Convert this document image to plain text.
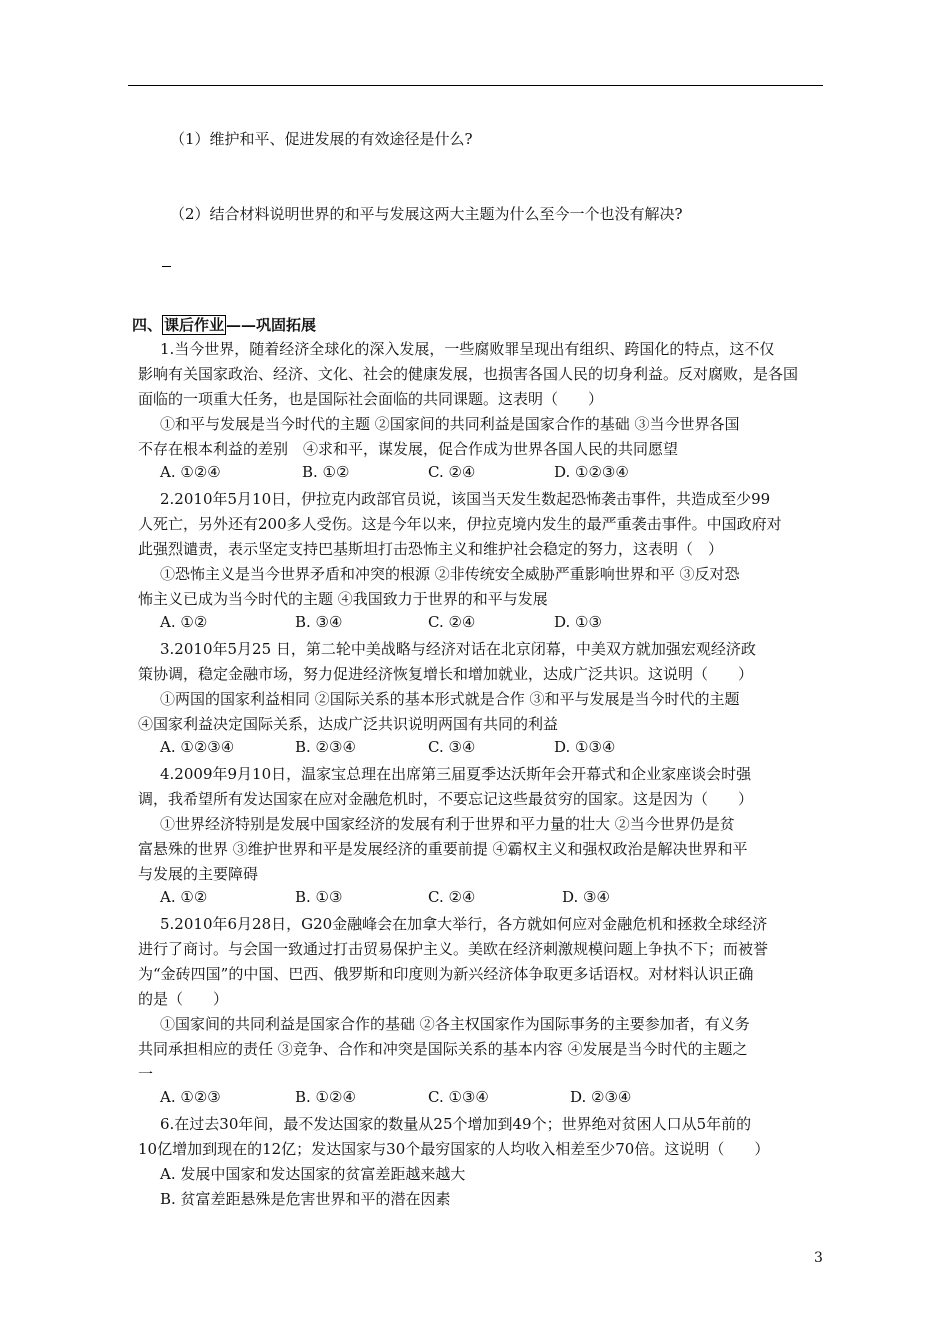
（1）维护和平、促进发展的有效途径是什么?
（2）结合材料说明世界的和平与发展这两大主题为什么至今一个也没有解决?
四、 课后作业 ——巩固拓展
1.当今世界，随着经济全球化的深入发展，一些腐败罪呈现出有组织、跨国化的特点，这不仅
影响有关国家政治、经济、文化、社会的健康发展，也损害各国人民的切身利益。反对腐败，是各国
面临的一项重大任务，也是国际社会面临的共同课题。这表明（　　）
①和平与发展是当今时代的主题 ②国家间的共同利益是国家合作的基础 ③当今世界各国
不存在根本利益的差别　④求和平，谋发展，促合作成为世界各国人民的共同愿望
A. ①②④	B. ①②	C. ②④	D. ①②③④
2.2010年5月10日，伊拉克内政部官员说，该国当天发生数起恐怖袭击事件，共造成至少99
人死亡，另外还有200多人受伤。这是今年以来，伊拉克境内发生的最严重袭击事件。中国政府对
此强烈谴责，表示坚定支持巴基斯坦打击恐怖主义和维护社会稳定的努力，这表明（　）
①恐怖主义是当今世界矛盾和冲突的根源 ②非传统安全威胁严重影响世界和平 ③反对恐
怖主义已成为当今时代的主题 ④我国致力于世界的和平与发展
A. ①②	B. ③④	C. ②④	D. ①③
3.2010年5月25 日，第二轮中美战略与经济对话在北京闭幕，中美双方就加强宏观经济政
策协调，稳定金融市场，努力促进经济恢复增长和增加就业，达成广泛共识。这说明（　　）
①两国的国家利益相同 ②国际关系的基本形式就是合作 ③和平与发展是当今时代的主题
④国家利益决定国际关系，达成广泛共识说明两国有共同的利益
A. ①②③④	B. ②③④	C. ③④	D. ①③④
4.2009年9月10日，温家宝总理在出席第三届夏季达沃斯年会开幕式和企业家座谈会时强
调，我希望所有发达国家在应对金融危机时，不要忘记这些最贫穷的国家。这是因为（　　）
①世界经济特别是发展中国家经济的发展有利于世界和平力量的壮大 ②当今世界仍是贫
富悬殊的世界 ③维护世界和平是发展经济的重要前提 ④霸权主义和强权政治是解决世界和平
与发展的主要障碍
A. ①②	B. ①③	C. ②④	D. ③④
5.2010年6月28日，G20金融峰会在加拿大举行，各方就如何应对金融危机和拯救全球经济
进行了商讨。与会国一致通过打击贸易保护主义。美欧在经济刺激规模问题上争执不下；而被誉
为“金砖四国”的中国、巴西、俄罗斯和印度则为新兴经济体争取更多话语权。对材料认识正确
的是（　　）
①国家间的共同利益是国家合作的基础 ②各主权国家作为国际事务的主要参加者，有义务
共同承担相应的责任 ③竞争、合作和冲突是国际关系的基本内容 ④发展是当今时代的主题之
一
A. ①②③	B. ①②④	C. ①③④	D. ②③④
6.在过去30年间，最不发达国家的数量从25个增加到49个；世界绝对贫困人口从5年前的
10亿增加到现在的12亿；发达国家与30个最穷国家的人均收入相差至少70倍。这说明（　　）
A. 发展中国家和发达国家的贫富差距越来越大
B. 贫富差距悬殊是危害世界和平的潜在因素
3
